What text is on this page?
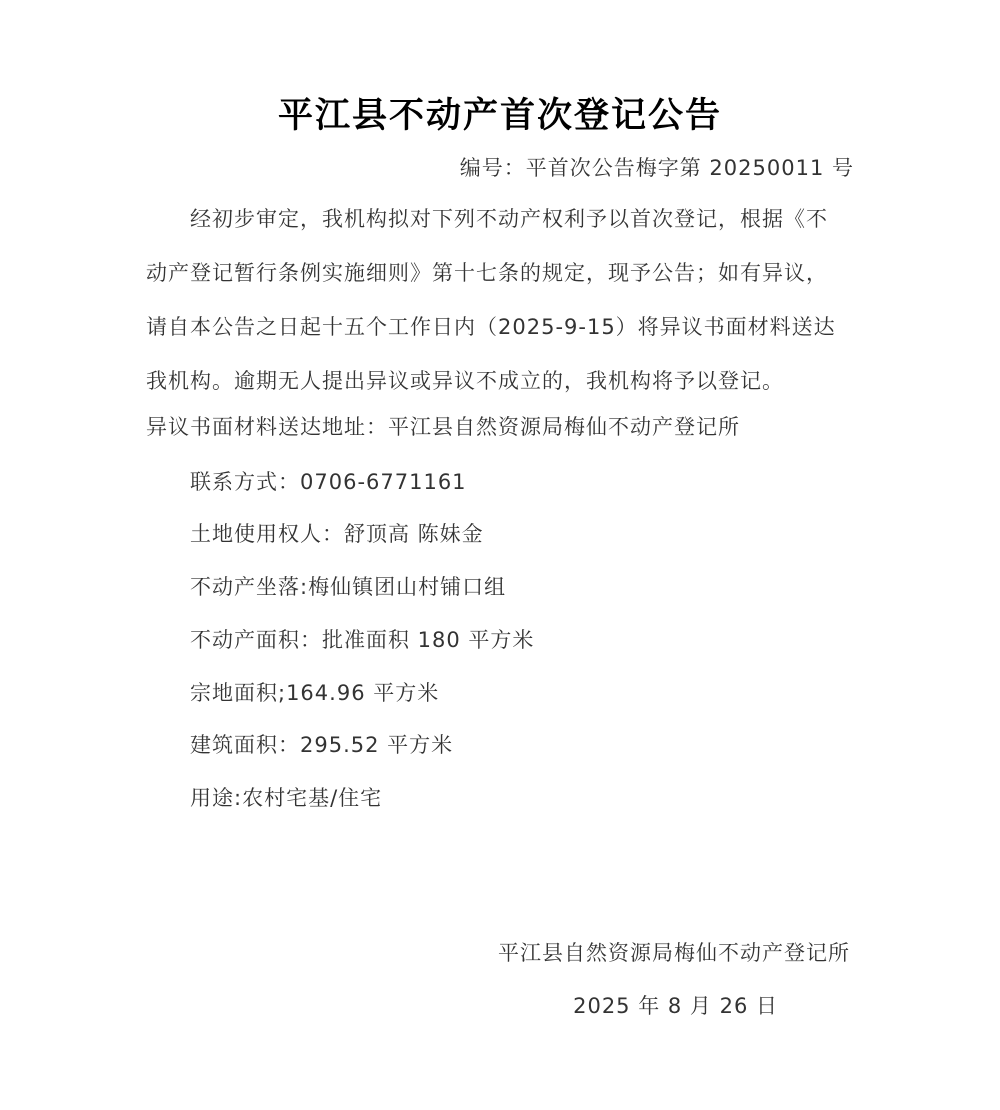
平江县不动产首次登记公告
编号：平首次公告梅字第 20250011 号
经初步审定，我机构拟对下列不动产权利予以首次登记，根据《不
动产登记暂行条例实施细则》第十七条的规定，现予公告；如有异议，
请自本公告之日起十五个工作日内（2025-9-15）将异议书面材料送达
我机构。逾期无人提出异议或异议不成立的，我机构将予以登记。
异议书面材料送达地址：平江县自然资源局梅仙不动产登记所
联系方式：0706-6771161
土地使用权人：舒顶高 陈妹金
不动产坐落:梅仙镇团山村铺口组
不动产面积：批准面积 180 平方米
宗地面积;164.96 平方米
建筑面积：295.52 平方米
用途:农村宅基/住宅
平江县自然资源局梅仙不动产登记所
2025 年 8 月 26 日
